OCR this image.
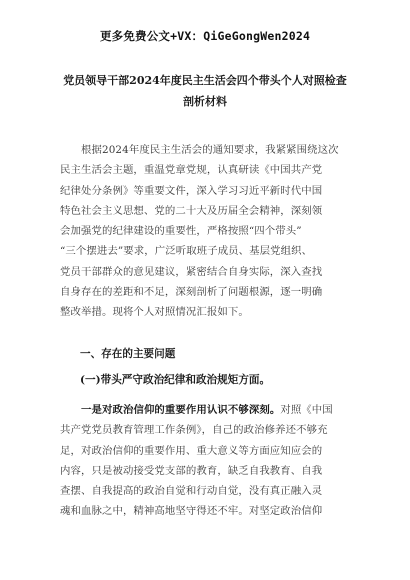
更多免费公文+VX：QiGeGongWen2024
党员领导干部2024年度民主生活会四个带头个人对照检查
剖析材料
根据2024年度民主生活会的通知要求，我紧紧围绕这次
民主生活会主题，重温党章党规，认真研读《中国共产党
纪律处分条例》等重要文件，深入学习习近平新时代中国
特色社会主义思想、党的二十大及历届全会精神，深刻领
会加强党的纪律建设的重要性，严格按照“四个带头”
“三个摆进去”要求，广泛听取班子成员、基层党组织、
党员干部群众的意见建议，紧密结合自身实际，深入查找
自身存在的差距和不足，深刻剖析了问题根源，逐一明确
整改举措。现将个人对照情况汇报如下。
一、存在的主要问题
(一)带头严守政治纪律和政治规矩方面。
一是对政治信仰的重要作用认识不够深刻。对照《中国
共产党党员教育管理工作条例》，自己的政治修养还不够充
足，对政治信仰的重要作用、重大意义等方面应知应会的
内容，只是被动接受党支部的教育，缺乏自我教育、自我
查摆、自我提高的政治自觉和行动自觉，没有真正融入灵
魂和血脉之中，精神高地坚守得还不牢。对坚定政治信仰
